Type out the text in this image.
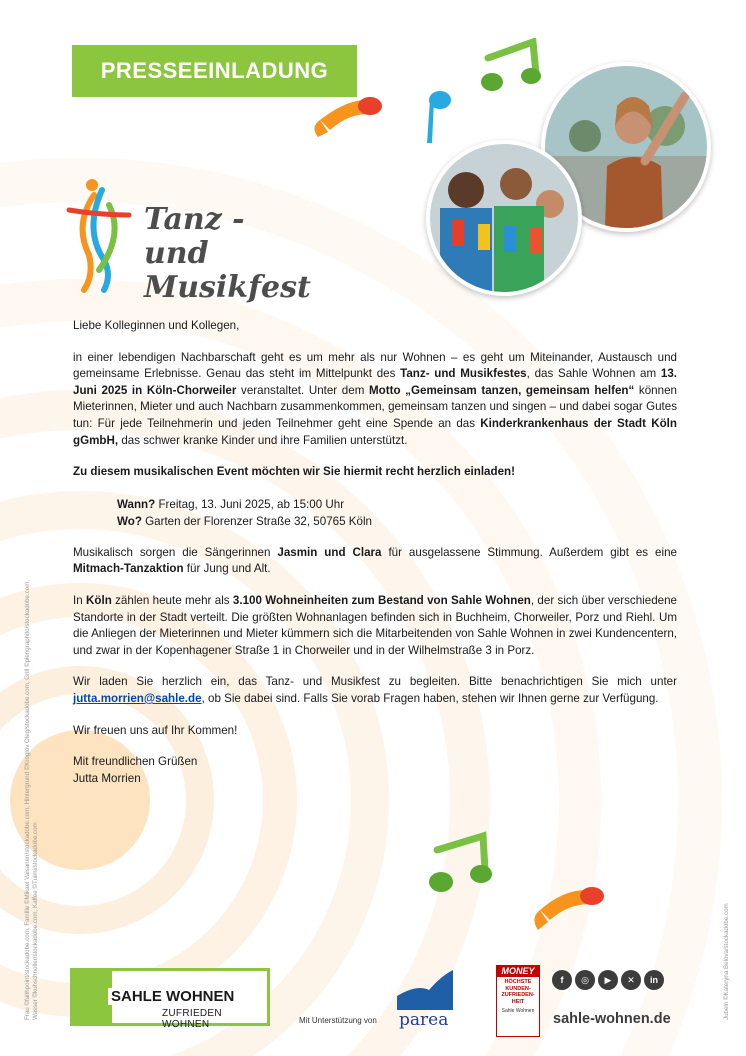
PRESSEEINLADUNG
Tanz - und
Musikfest

Liebe Kolleginnen und Kollegen,

in einer lebendigen Nachbarschaft geht es um mehr als nur Wohnen – es geht um Miteinander, Austausch und gemeinsame Erlebnisse. Genau das steht im Mittelpunkt des Tanz- und Musikfestes, das Sahle Wohnen am 13. Juni 2025 in Köln-Chorweiler veranstaltet. Unter dem Motto „Gemeinsam tanzen, gemeinsam helfen“ können Mieterinnen, Mieter und auch Nachbarn zusammenkommen, gemeinsam tanzen und singen – und dabei sogar Gutes tun: Für jede Teilnehmerin und jeden Teilnehmer geht eine Spende an das Kinderkrankenhaus der Stadt Köln gGmbH, das schwer kranke Kinder und ihre Familien unterstützt.

Zu diesem musikalischen Event möchten wir Sie hiermit recht herzlich einladen!

Wann? Freitag, 13. Juni 2025, ab 15:00 Uhr
Wo? Garten der Florenzer Straße 32, 50765 Köln

Musikalisch sorgen die Sängerinnen Jasmin und Clara für ausgelassene Stimmung. Außerdem gibt es eine Mitmach-Tanzaktion für Jung und Alt.

In Köln zählen heute mehr als 3.100 Wohneinheiten zum Bestand von Sahle Wohnen, der sich über verschiedene Standorte in der Stadt verteilt. Die größten Wohnanlagen befinden sich in Buchheim, Chorweiler, Porz und Riehl. Um die Anliegen der Mieterinnen und Mieter kümmern sich die Mitarbeitenden von Sahle Wohnen in zwei Kundencentern, und zwar in der Kopenhagener Straße 1 in Chorweiler und in der Wilhelmstraße 3 in Porz.

Wir laden Sie herzlich ein, das Tanz- und Musikfest zu begleiten. Bitte benachrichtigen Sie mich unter jutta.morrien@sahle.de, ob Sie dabei sind. Falls Sie vorab Fragen haben, stehen wir Ihnen gerne zur Verfügung.

Wir freuen uns auf Ihr Kommen!

Mit freundlichen Grüßen

Jutta Morrien

Frau ©faithpoint/stockadobe.com, Familie ©Mikael Vaisanen/stockadobe.com, Hintergrund ©Kroglov Oleg/stockadobe.com, Grill ©piengraphito/stockadobe.com, Wasser ©kuhschnoller/stockadobe.com, Kaffee ©Tuimi/stockadobe.com	Jubeln ©Kateryna Belova/stockadobe.com
SAHLE WOHNEN
ZUFRIEDEN WOHNEN	Mit Unterstützung von parea
MONEY
HÖCHSTE KUNDEN-ZUFRIEDEN-HEIT
Sahle Wohnen
f	◎	▶	✕	in
sahle-wohnen.de
